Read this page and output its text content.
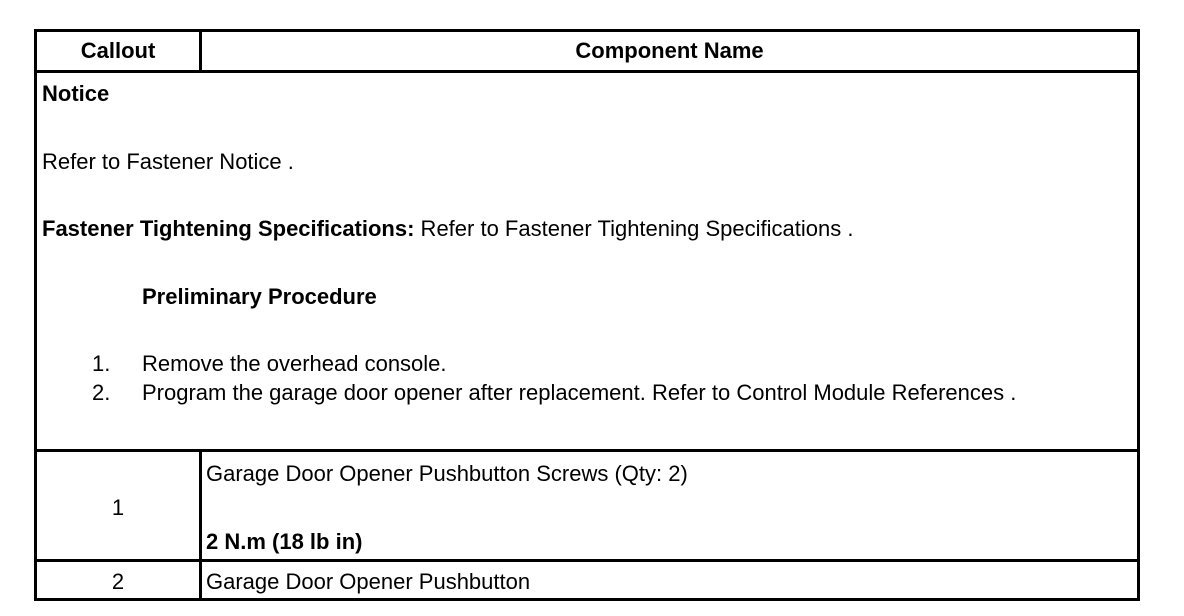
Callout	Component Name
Notice
Refer to Fastener Notice .
Fastener Tightening Specifications: Refer to Fastener Tightening Specifications .
Preliminary Procedure
1. Remove the overhead console.
2. Program the garage door opener after replacement. Refer to Control Module References .
1
Garage Door Opener Pushbutton Screws (Qty: 2)
2 N.m (18 lb in)
2	Garage Door Opener Pushbutton
